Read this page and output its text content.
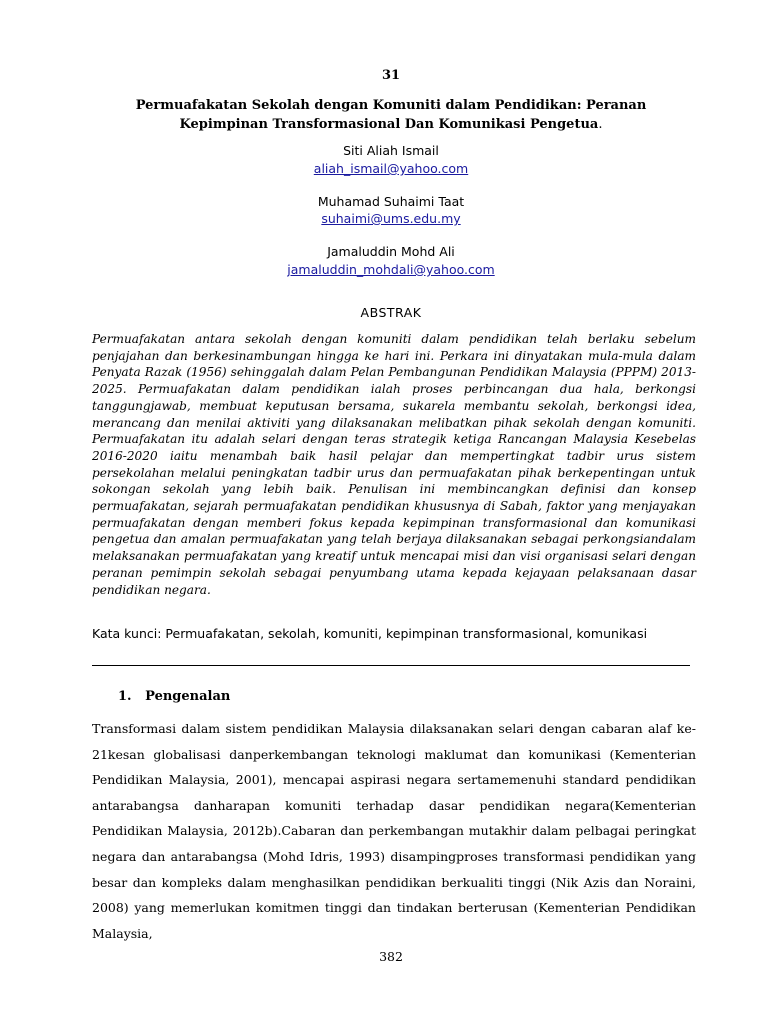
31
Permuafakatan Sekolah dengan Komuniti dalam Pendidikan: Peranan Kepimpinan Transformasional Dan Komunikasi Pengetua.
Siti Aliah Ismail
aliah_ismail@yahoo.com
Muhamad Suhaimi Taat
suhaimi@ums.edu.my
Jamaluddin Mohd Ali
jamaluddin_mohdali@yahoo.com
ABSTRAK
Permuafakatan antara sekolah dengan komuniti dalam pendidikan telah berlaku sebelum penjajahan dan berkesinambungan hingga ke hari ini. Perkara ini dinyatakan mula-mula dalam Penyata Razak (1956) sehinggalah dalam Pelan Pembangunan Pendidikan Malaysia (PPPM) 2013-2025. Permuafakatan dalam pendidikan ialah proses perbincangan dua hala, berkongsi tanggungjawab, membuat keputusan bersama, sukarela membantu sekolah, berkongsi idea, merancang dan menilai aktiviti yang dilaksanakan melibatkan pihak sekolah dengan komuniti. Permuafakatan itu adalah selari dengan teras strategik ketiga Rancangan Malaysia Kesebelas 2016-2020 iaitu menambah baik hasil pelajar dan mempertingkat tadbir urus sistem persekolahan melalui peningkatan tadbir urus dan permuafakatan pihak berkepentingan untuk sokongan sekolah yang lebih baik. Penulisan ini membincangkan definisi dan konsep permuafakatan, sejarah permuafakatan pendidikan khususnya di Sabah, faktor yang menjayakan permuafakatan dengan memberi fokus kepada kepimpinan transformasional dan komunikasi pengetua dan amalan permuafakatan yang telah berjaya dilaksanakan sebagai perkongsiandalam melaksanakan permuafakatan yang kreatif untuk mencapai misi dan visi organisasi selari dengan peranan pemimpin sekolah sebagai penyumbang utama kepada kejayaan pelaksanaan dasar pendidikan negara.
Kata kunci: Permuafakatan, sekolah, komuniti, kepimpinan transformasional, komunikasi
1.   Pengenalan
Transformasi dalam sistem pendidikan Malaysia dilaksanakan selari dengan cabaran alaf ke-21kesan globalisasi danperkembangan teknologi maklumat dan komunikasi (Kementerian Pendidikan Malaysia, 2001), mencapai aspirasi negara sertamemenuhi standard pendidikan antarabangsa danharapan komuniti terhadap dasar pendidikan negara(Kementerian Pendidikan Malaysia, 2012b).Cabaran dan perkembangan mutakhir dalam pelbagai peringkat negara dan antarabangsa (Mohd Idris, 1993) disampingproses transformasi pendidikan yang besar dan kompleks dalam menghasilkan pendidikan berkualiti tinggi (Nik Azis dan Noraini, 2008) yang memerlukan komitmen tinggi dan tindakan berterusan (Kementerian Pendidikan Malaysia,
382
